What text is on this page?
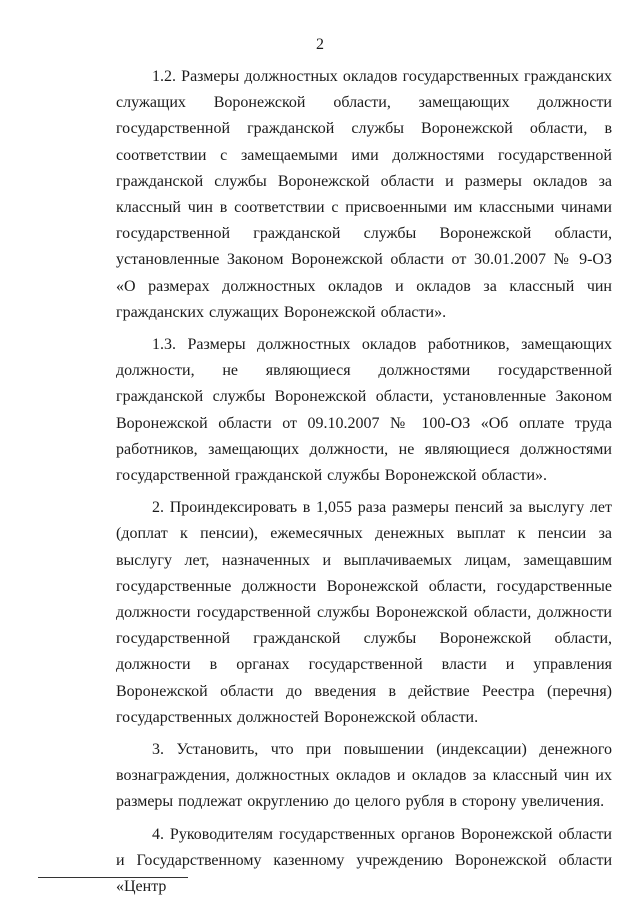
2

1.2. Размеры должностных окладов государственных гражданских служащих Воронежской области, замещающих должности государственной гражданской службы Воронежской области, в соответствии с замещаемыми ими должностями государственной гражданской службы Воронежской области и размеры окладов за классный чин в соответствии с присвоенными им классными чинами государственной гражданской службы Воронежской области, установленные Законом Воронежской области от 30.01.2007 № 9-ОЗ «О размерах должностных окладов и окладов за классный чин гражданских служащих Воронежской области».

1.3. Размеры должностных окладов работников, замещающих должности, не являющиеся должностями государственной гражданской службы Воронежской области, установленные Законом Воронежской области от 09.10.2007 № 100-ОЗ «Об оплате труда работников, замещающих должности, не являющиеся должностями государственной гражданской службы Воронежской области».

2. Проиндексировать в 1,055 раза размеры пенсий за выслугу лет (доплат к пенсии), ежемесячных денежных выплат к пенсии за выслугу лет, назначенных и выплачиваемых лицам, замещавшим государственные должности Воронежской области, государственные должности государственной службы Воронежской области, должности государственной гражданской службы Воронежской области, должности в органах государственной власти и управления Воронежской области до введения в действие Реестра (перечня) государственных должностей Воронежской области.

3. Установить, что при повышении (индексации) денежного вознаграждения, должностных окладов и окладов за классный чин их размеры подлежат округлению до целого рубля в сторону увеличения.

4. Руководителям государственных органов Воронежской области и Государственному казенному учреждению Воронежской области «Центр
